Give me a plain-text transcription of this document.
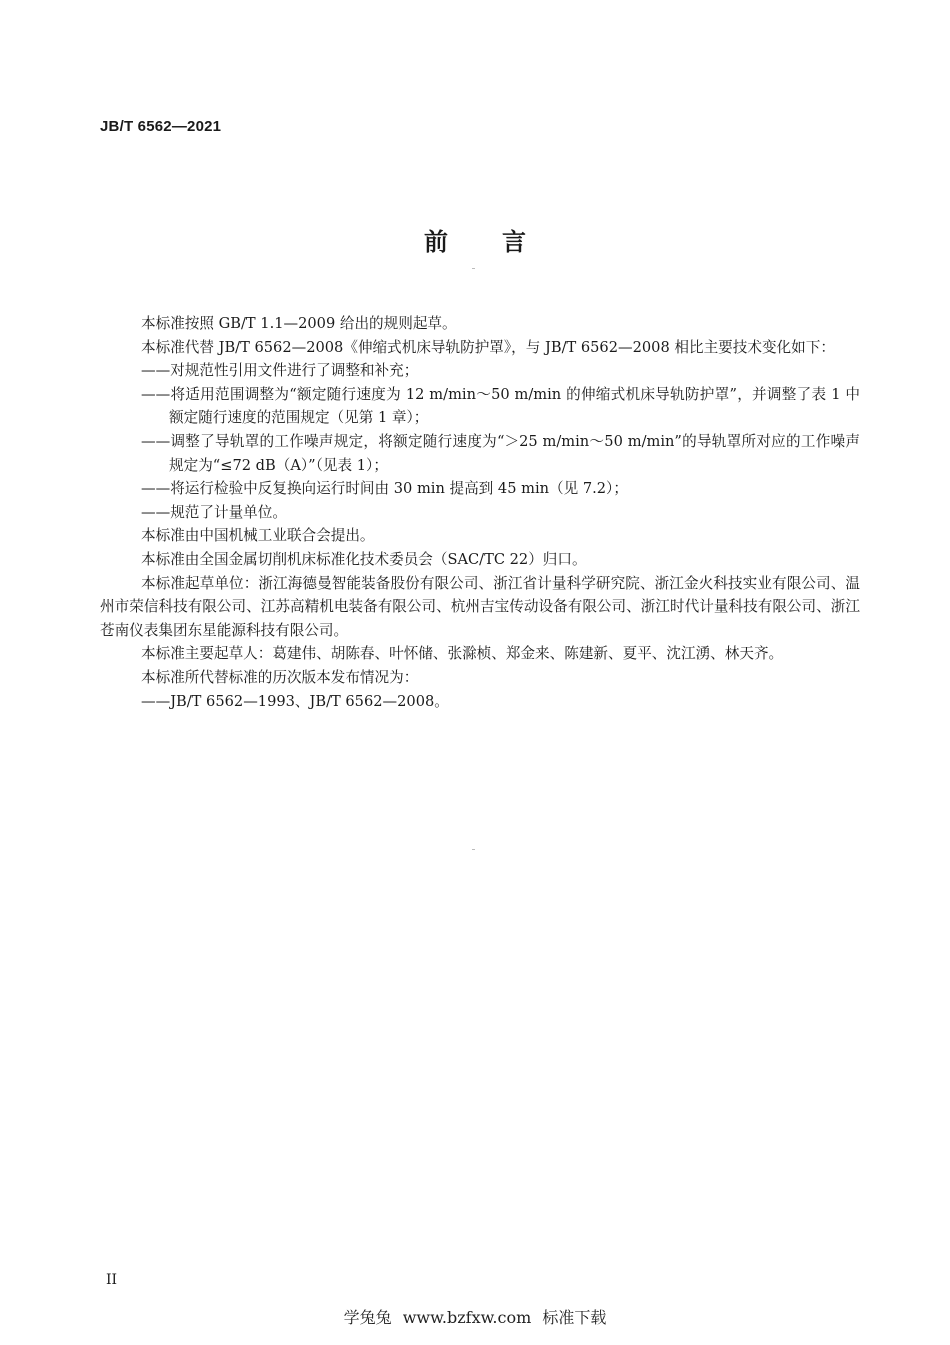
JB/T 6562—2021
前言

本标准按照 GB/T 1.1—2009 给出的规则起草。

本标准代替 JB/T 6562—2008《伸缩式机床导轨防护罩》，与 JB/T 6562—2008 相比主要技术变化如下：

——对规范性引用文件进行了调整和补充；

——将适用范围调整为“额定随行速度为 12 m/min～50 m/min 的伸缩式机床导轨防护罩”，并调整了表 1 中额定随行速度的范围规定（见第 1 章）；

——调整了导轨罩的工作噪声规定，将额定随行速度为“＞25 m/min～50 m/min”的导轨罩所对应的工作噪声规定为“≤72 dB（A）”（见表 1）；

——将运行检验中反复换向运行时间由 30 min 提高到 45 min（见 7.2）；

——规范了计量单位。

本标准由中国机械工业联合会提出。

本标准由全国金属切削机床标准化技术委员会（SAC/TC 22）归口。

本标准起草单位：浙江海德曼智能装备股份有限公司、浙江省计量科学研究院、浙江金火科技实业有限公司、温州市荣信科技有限公司、江苏高精机电装备有限公司、杭州吉宝传动设备有限公司、浙江时代计量科技有限公司、浙江苍南仪表集团东星能源科技有限公司。

本标准主要起草人：葛建伟、胡陈春、叶怀储、张滁桢、郑金来、陈建新、夏平、沈江湧、林天齐。

本标准所代替标准的历次版本发布情况为：

——JB/T 6562—1993、JB/T 6562—2008。

II
学兔兔 www.bzfxw.com 标准下载
